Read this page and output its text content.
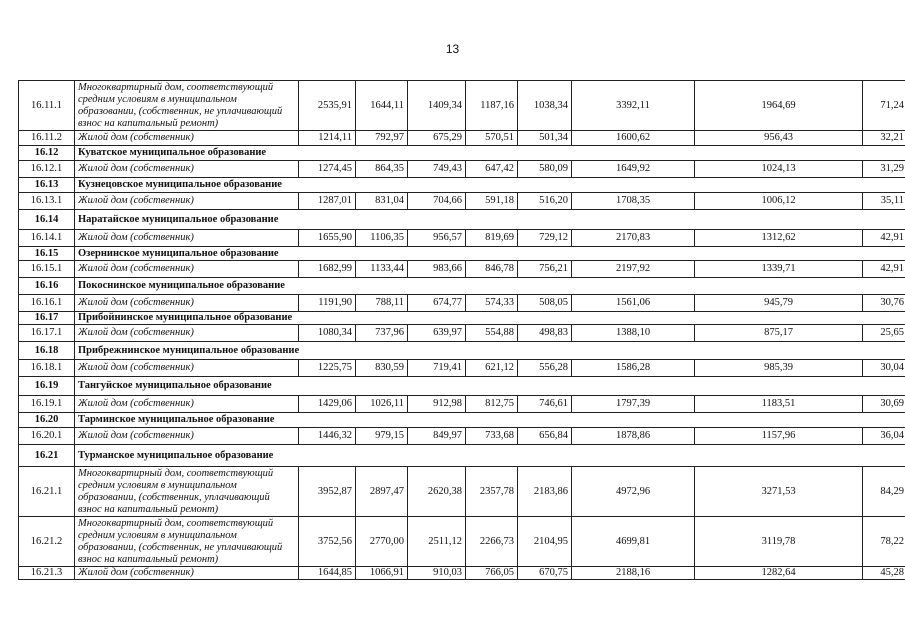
13
16.11.1	Многоквартирный дом, соответствующий средним условиям в муниципальном образовании, (собственник, не уплачивающий взнос на капитальный ремонт)	2535,91	1644,11	1409,34	1187,16	1038,34	3392,11	1964,69	71,24
16.11.2	Жилой дом (собственник)	1214,11	792,97	675,29	570,51	501,34	1600,62	956,43	32,21
16.12	Куватское муниципальное образование								
16.12.1	Жилой дом (собственник)	1274,45	864,35	749,43	647,42	580,09	1649,92	1024,13	31,29
16.13	Кузнецовское муниципальное образование								
16.13.1	Жилой дом (собственник)	1287,01	831,04	704,66	591,18	516,20	1708,35	1006,12	35,11
16.14	Наратайское муниципальное образование								
16.14.1	Жилой дом (собственник)	1655,90	1106,35	956,57	819,69	729,12	2170,83	1312,62	42,91
16.15	Озернинское муниципальное образование								
16.15.1	Жилой дом (собственник)	1682,99	1133,44	983,66	846,78	756,21	2197,92	1339,71	42,91
16.16	Покоснинское муниципальное образование								
16.16.1	Жилой дом (собственник)	1191,90	788,11	674,77	574,33	508,05	1561,06	945,79	30,76
16.17	Прибойнинское муниципальное образование								
16.17.1	Жилой дом (собственник)	1080,34	737,96	639,97	554,88	498,83	1388,10	875,17	25,65
16.18	Прибрежнинское муниципальное образование								
16.18.1	Жилой дом (собственник)	1225,75	830,59	719,41	621,12	556,28	1586,28	985,39	30,04
16.19	Тангуйское муниципальное образование								
16.19.1	Жилой дом (собственник)	1429,06	1026,11	912,98	812,75	746,61	1797,39	1183,51	30,69
16.20	Тарминское муниципальное образование								
16.20.1	Жилой дом (собственник)	1446,32	979,15	849,97	733,68	656,84	1878,86	1157,96	36,04
16.21	Турманское муниципальное образование								
16.21.1	Многоквартирный дом, соответствующий средним условиям в муниципальном образовании, (собственник, уплачивающий взнос на капитальный ремонт)	3952,87	2897,47	2620,38	2357,78	2183,86	4972,96	3271,53	84,29
16.21.2	Многоквартирный дом, соответствующий средним условиям в муниципальном образовании, (собственник, не уплачивающий взнос на капитальный ремонт)	3752,56	2770,00	2511,12	2266,73	2104,95	4699,81	3119,78	78,22
16.21.3	Жилой дом (собственник)	1644,85	1066,91	910,03	766,05	670,75	2188,16	1282,64	45,28
